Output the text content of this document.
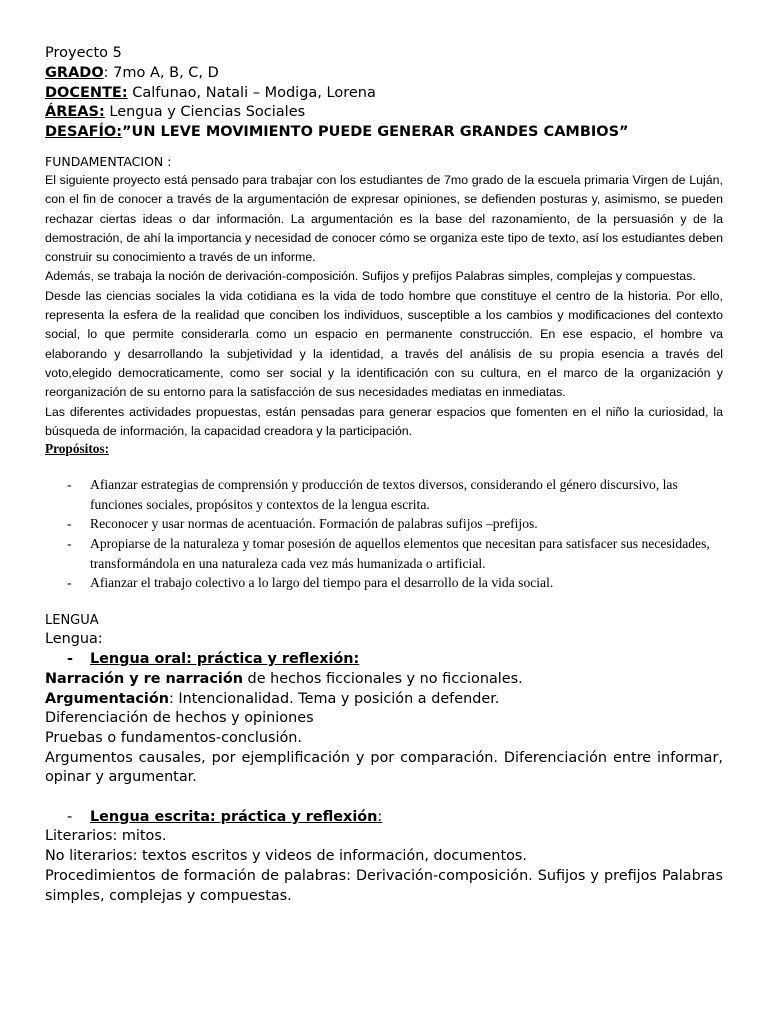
Proyecto 5
GRADO: 7mo A, B, C, D
DOCENTE: Calfunao, Natali – Modiga, Lorena
ÁREAS: Lengua y Ciencias Sociales
DESAFÍO:”UN LEVE MOVIMIENTO PUEDE GENERAR GRANDES CAMBIOS”
FUNDAMENTACION :

El siguiente proyecto está pensado para trabajar con los estudiantes de 7mo grado de la escuela primaria Virgen de Luján, con el fin de conocer a través de la argumentación de expresar opiniones, se defienden posturas y, asimismo, se pueden rechazar ciertas ideas o dar información. La argumentación es la base del razonamiento, de la persuasión y de la demostración, de ahí la importancia y necesidad de conocer cómo se organiza este tipo de texto, así los estudiantes deben construir su conocimiento a través de un informe.

Además, se trabaja la noción de derivación-composición. Sufijos y prefijos Palabras simples, complejas y compuestas.

Desde las ciencias sociales la vida cotidiana es la vida de todo hombre que constituye el centro de la historia. Por ello, representa la esfera de la realidad que conciben los individuos, susceptible a los cambios y modificaciones del contexto social, lo que permite considerarla como un espacio en permanente construcción. En ese espacio, el hombre va elaborando y desarrollando la subjetividad y la identidad, a través del análisis de su propia esencia a través del voto,elegido democraticamente, como ser social y la identificación con su cultura, en el marco de la organización y reorganización de su entorno para la satisfacción de sus necesidades mediatas en inmediatas.

Las diferentes actividades propuestas, están pensadas para generar espacios que fomenten en el niño la curiosidad, la búsqueda de información, la capacidad creadora y la participación.

Propósitos:
- Afianzar estrategias de comprensión y producción de textos diversos, considerando el género discursivo, las funciones sociales, propósitos y contextos de la lengua escrita.
- Reconocer y usar normas de acentuación. Formación de palabras sufijos –prefijos.
- Apropiarse de la naturaleza y tomar posesión de aquellos elementos que necesitan para satisfacer sus necesidades, transformándola en una naturaleza cada vez más humanizada o artificial.
- Afianzar el trabajo colectivo a lo largo del tiempo para el desarrollo de la vida social.
LENGUA
Lengua:
- Lengua oral: práctica y reflexión:
Narración y re narración de hechos ficcionales y no ficcionales.
Argumentación: Intencionalidad. Tema y posición a defender.
Diferenciación de hechos y opiniones
Pruebas o fundamentos-conclusión.
Argumentos causales, por ejemplificación y por comparación. Diferenciación entre informar, opinar y argumentar.
- Lengua escrita: práctica y reflexión:
Literarios: mitos.
No literarios: textos escritos y videos de información, documentos.
Procedimientos de formación de palabras: Derivación-composición. Sufijos y prefijos Palabras simples, complejas y compuestas.
